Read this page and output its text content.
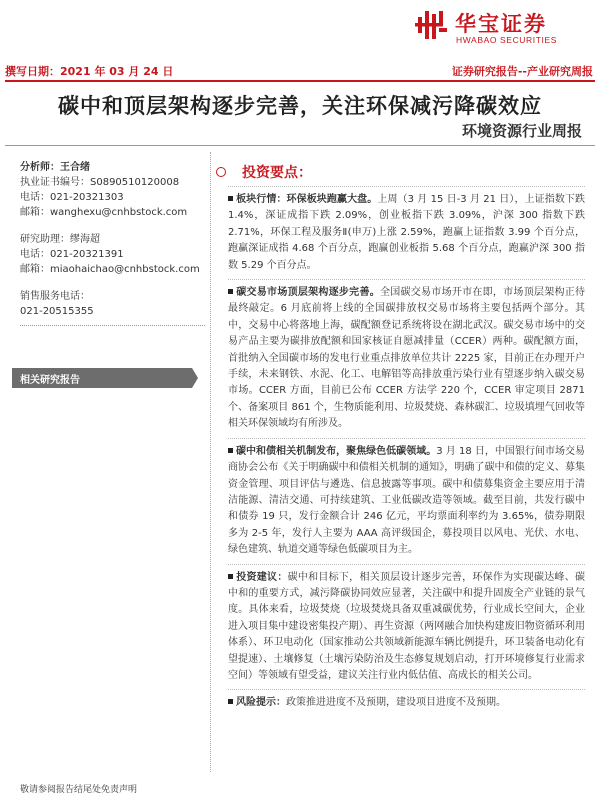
华宝证券
HWABAO SECURITIES
撰写日期：2021 年 03 月 24 日	证券研究报告--产业研究周报
碳中和顶层架构逐步完善，关注环保减污降碳效应
环境资源行业周报
分析师：王合绪
执业证书编号：S0890510120008
电话：021-20321303
邮箱：wanghexu@cnhbstock.com
研究助理：缪海超
电话：021-20321391
邮箱：miaohaichao@cnhbstock.com
销售服务电话：
021-20515355
相关研究报告
投资要点：
板块行情：环保板块跑赢大盘。上周（3 月 15 日-3 月 21 日），上证指数下跌 1.4%，深证成指下跌 2.09%，创业板指下跌 3.09%，沪深 300 指数下跌 2.71%，环保工程及服务Ⅱ(申万)上涨 2.59%，跑赢上证指数 3.99 个百分点，跑赢深证成指 4.68 个百分点，跑赢创业板指 5.68 个百分点，跑赢沪深 300 指数 5.29 个百分点。
碳交易市场顶层架构逐步完善。全国碳交易市场开市在即，市场顶层架构正待最终敲定。6 月底前将上线的全国碳排放权交易市场将主要包括两个部分。其中，交易中心将落地上海，碳配额登记系统将设在湖北武汉。碳交易市场中的交易产品主要为碳排放配额和国家核证自愿减排量（CCER）两种。碳配额方面，首批纳入全国碳市场的发电行业重点排放单位共计 2225 家，目前正在办理开户手续，未来钢铁、水泥、化工、电解铝等高排放重污染行业有望逐步纳入碳交易市场。CCER 方面，目前已公布 CCER 方法学 220 个，CCER 审定项目 2871 个、备案项目 861 个，生物质能利用、垃圾焚烧、森林碳汇、垃圾填埋气回收等相关环保领域均有所涉及。
碳中和债相关机制发布，聚焦绿色低碳领域。3 月 18 日，中国银行间市场交易商协会公布《关于明确碳中和债相关机制的通知》，明确了碳中和债的定义、募集资金管理、项目评估与遴选、信息披露等事项。碳中和债募集资金主要应用于清洁能源、清洁交通、可持续建筑、工业低碳改造等领域。截至目前，共发行碳中和债券 19 只，发行金额合计 246 亿元，平均票面利率约为 3.65%，债券期限多为 2-5 年，发行人主要为 AAA 高评级国企，募投项目以风电、光伏、水电、绿色建筑、轨道交通等绿色低碳项目为主。
投资建议：碳中和目标下，相关顶层设计逐步完善，环保作为实现碳达峰、碳中和的重要方式，减污降碳协同效应显著，关注碳中和提升固废全产业链的景气度。具体来看，垃圾焚烧（垃圾焚烧具备双重减碳优势，行业成长空间大，企业进入项目集中建设密集投产期）、再生资源（两网融合加快构建废旧物资循环利用体系）、环卫电动化（国家推动公共领域新能源车辆比例提升，环卫装备电动化有望提速）、土壤修复（土壤污染防治及生态修复规划启动，打开环境修复行业需求空间）等领域有望受益，建议关注行业内低估值、高成长的相关公司。
风险提示：政策推进进度不及预期，建设项目进度不及预期。
敬请参阅报告结尾处免责声明
